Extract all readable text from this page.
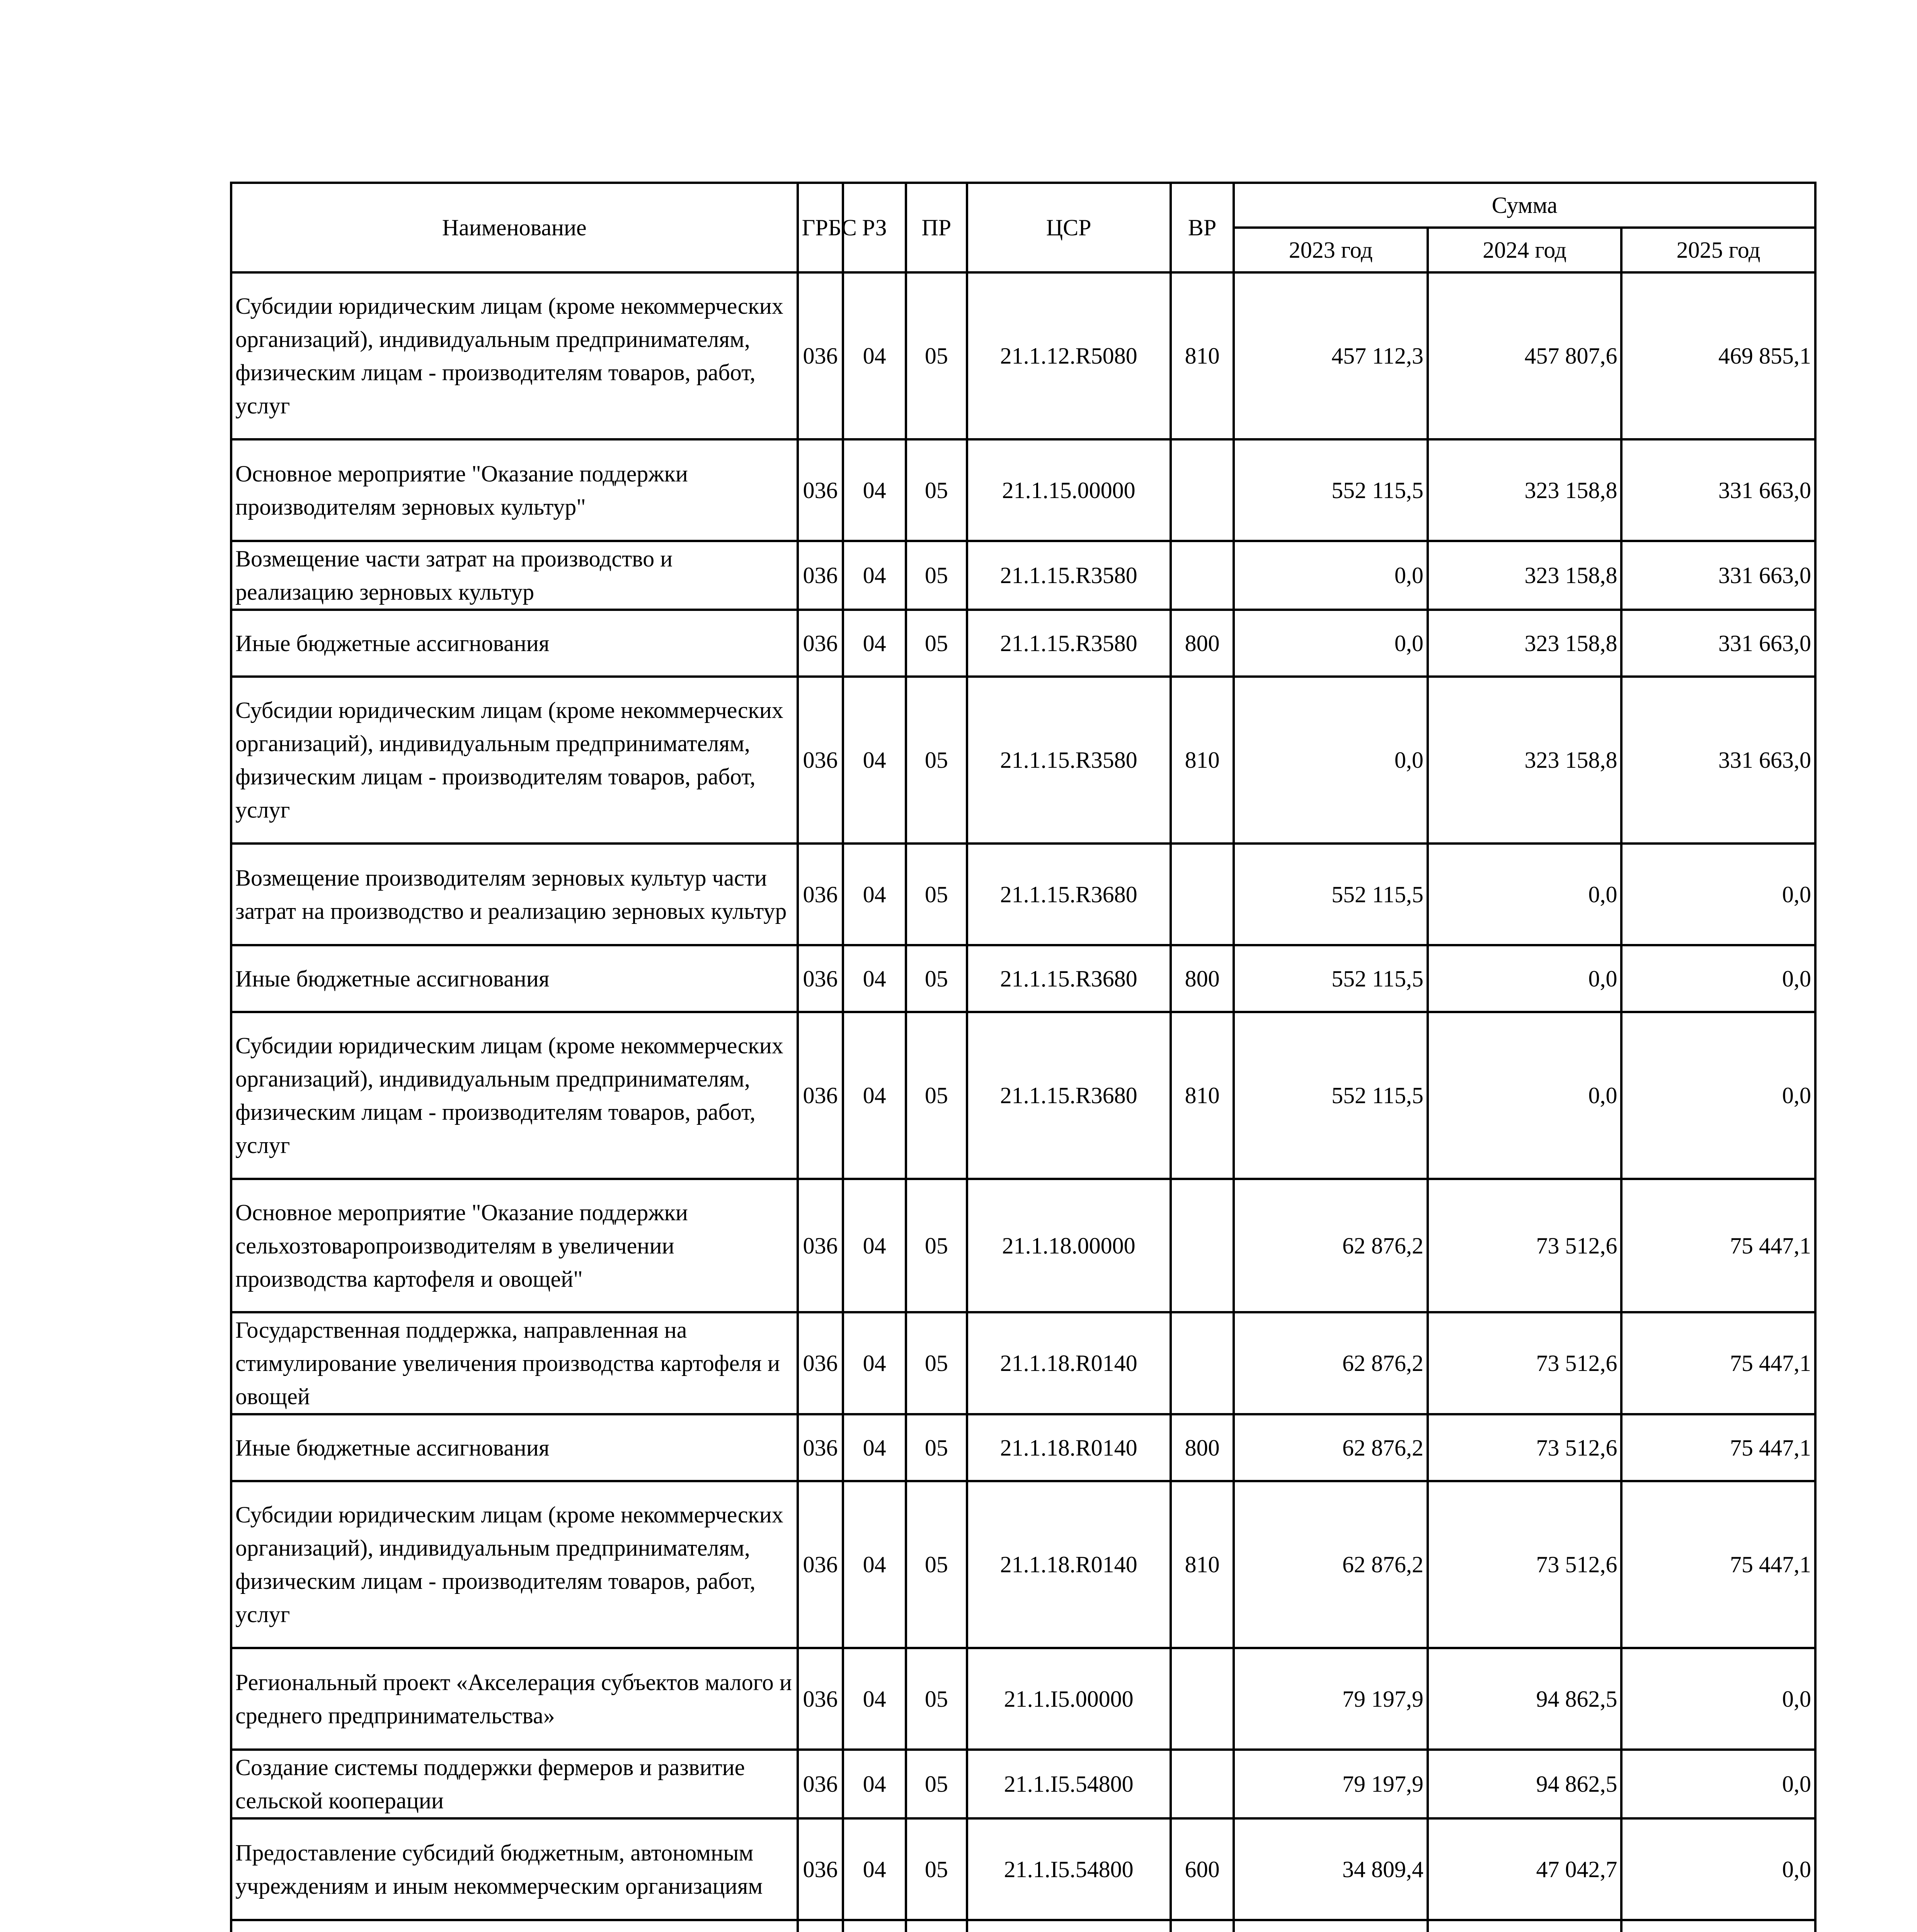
Наименование	ГРБС	РЗ	ПР	ЦСР	ВР	Сумма		
						2023 год	2024 год	2025 год
Субсидии юридическим лицам (кроме некоммерческих организаций), индивидуальным предпринимателям, физическим лицам - производителям товаров, работ, услуг	036	04	05	21.1.12.R5080	810	457 112,3	457 807,6	469 855,1
Основное мероприятие "Оказание поддержки производителям зерновых культур"	036	04	05	21.1.15.00000		552 115,5	323 158,8	331 663,0
Возмещение части затрат на производство и реализацию зерновых культур	036	04	05	21.1.15.R3580		0,0	323 158,8	331 663,0
Иные бюджетные ассигнования	036	04	05	21.1.15.R3580	800	0,0	323 158,8	331 663,0
Субсидии юридическим лицам (кроме некоммерческих организаций), индивидуальным предпринимателям, физическим лицам - производителям товаров, работ, услуг	036	04	05	21.1.15.R3580	810	0,0	323 158,8	331 663,0
Возмещение производителям зерновых культур части затрат на производство и реализацию зерновых культур	036	04	05	21.1.15.R3680		552 115,5	0,0	0,0
Иные бюджетные ассигнования	036	04	05	21.1.15.R3680	800	552 115,5	0,0	0,0
Субсидии юридическим лицам (кроме некоммерческих организаций), индивидуальным предпринимателям, физическим лицам - производителям товаров, работ, услуг	036	04	05	21.1.15.R3680	810	552 115,5	0,0	0,0
Основное мероприятие "Оказание поддержки сельхозтоваропроизводителям в увеличении производства картофеля и овощей"	036	04	05	21.1.18.00000		62 876,2	73 512,6	75 447,1
Государственная поддержка, направленная на стимулирование увеличения производства картофеля и овощей	036	04	05	21.1.18.R0140		62 876,2	73 512,6	75 447,1
Иные бюджетные ассигнования	036	04	05	21.1.18.R0140	800	62 876,2	73 512,6	75 447,1
Субсидии юридическим лицам (кроме некоммерческих организаций), индивидуальным предпринимателям, физическим лицам - производителям товаров, работ, услуг	036	04	05	21.1.18.R0140	810	62 876,2	73 512,6	75 447,1
Региональный проект «Акселерация субъектов малого и среднего предпринимательства»	036	04	05	21.1.I5.00000		79 197,9	94 862,5	0,0
Создание системы поддержки фермеров и развитие сельской кооперации	036	04	05	21.1.I5.54800		79 197,9	94 862,5	0,0
Предоставление субсидий бюджетным, автономным учреждениям и иным некоммерческим организациям	036	04	05	21.1.I5.54800	600	34 809,4	47 042,7	0,0
